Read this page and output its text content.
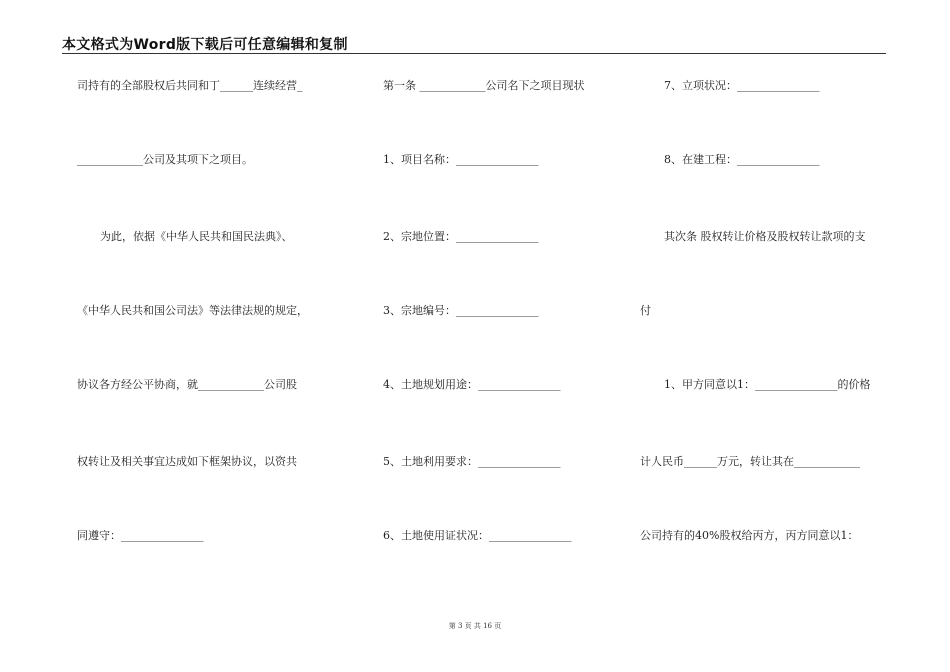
本文格式为Word版下载后可任意编辑和复制
司持有的全部股权后共同和丁______连续经营_
____________公司及其项下之项目。
为此，依据《中华人民共和国民法典》、
《中华人民共和国公司法》等法律法规的规定，
协议各方经公平协商，就____________公司股
权转让及相关事宜达成如下框架协议，以资共
同遵守：_______________
第一条 ____________公司名下之项目现状
1、项目名称：_______________
2、宗地位置：_______________
3、宗地编号：_______________
4、土地规划用途：_______________
5、土地利用要求：_______________
6、土地使用证状况：_______________
7、立项状况：_______________
8、在建工程：_______________
其次条 股权转让价格及股权转让款项的支
付
1、甲方同意以1：_______________的价格
计人民币______万元，转让其在____________
公司持有的40%股权给丙方，丙方同意以1：
第 3 页 共 16 页
